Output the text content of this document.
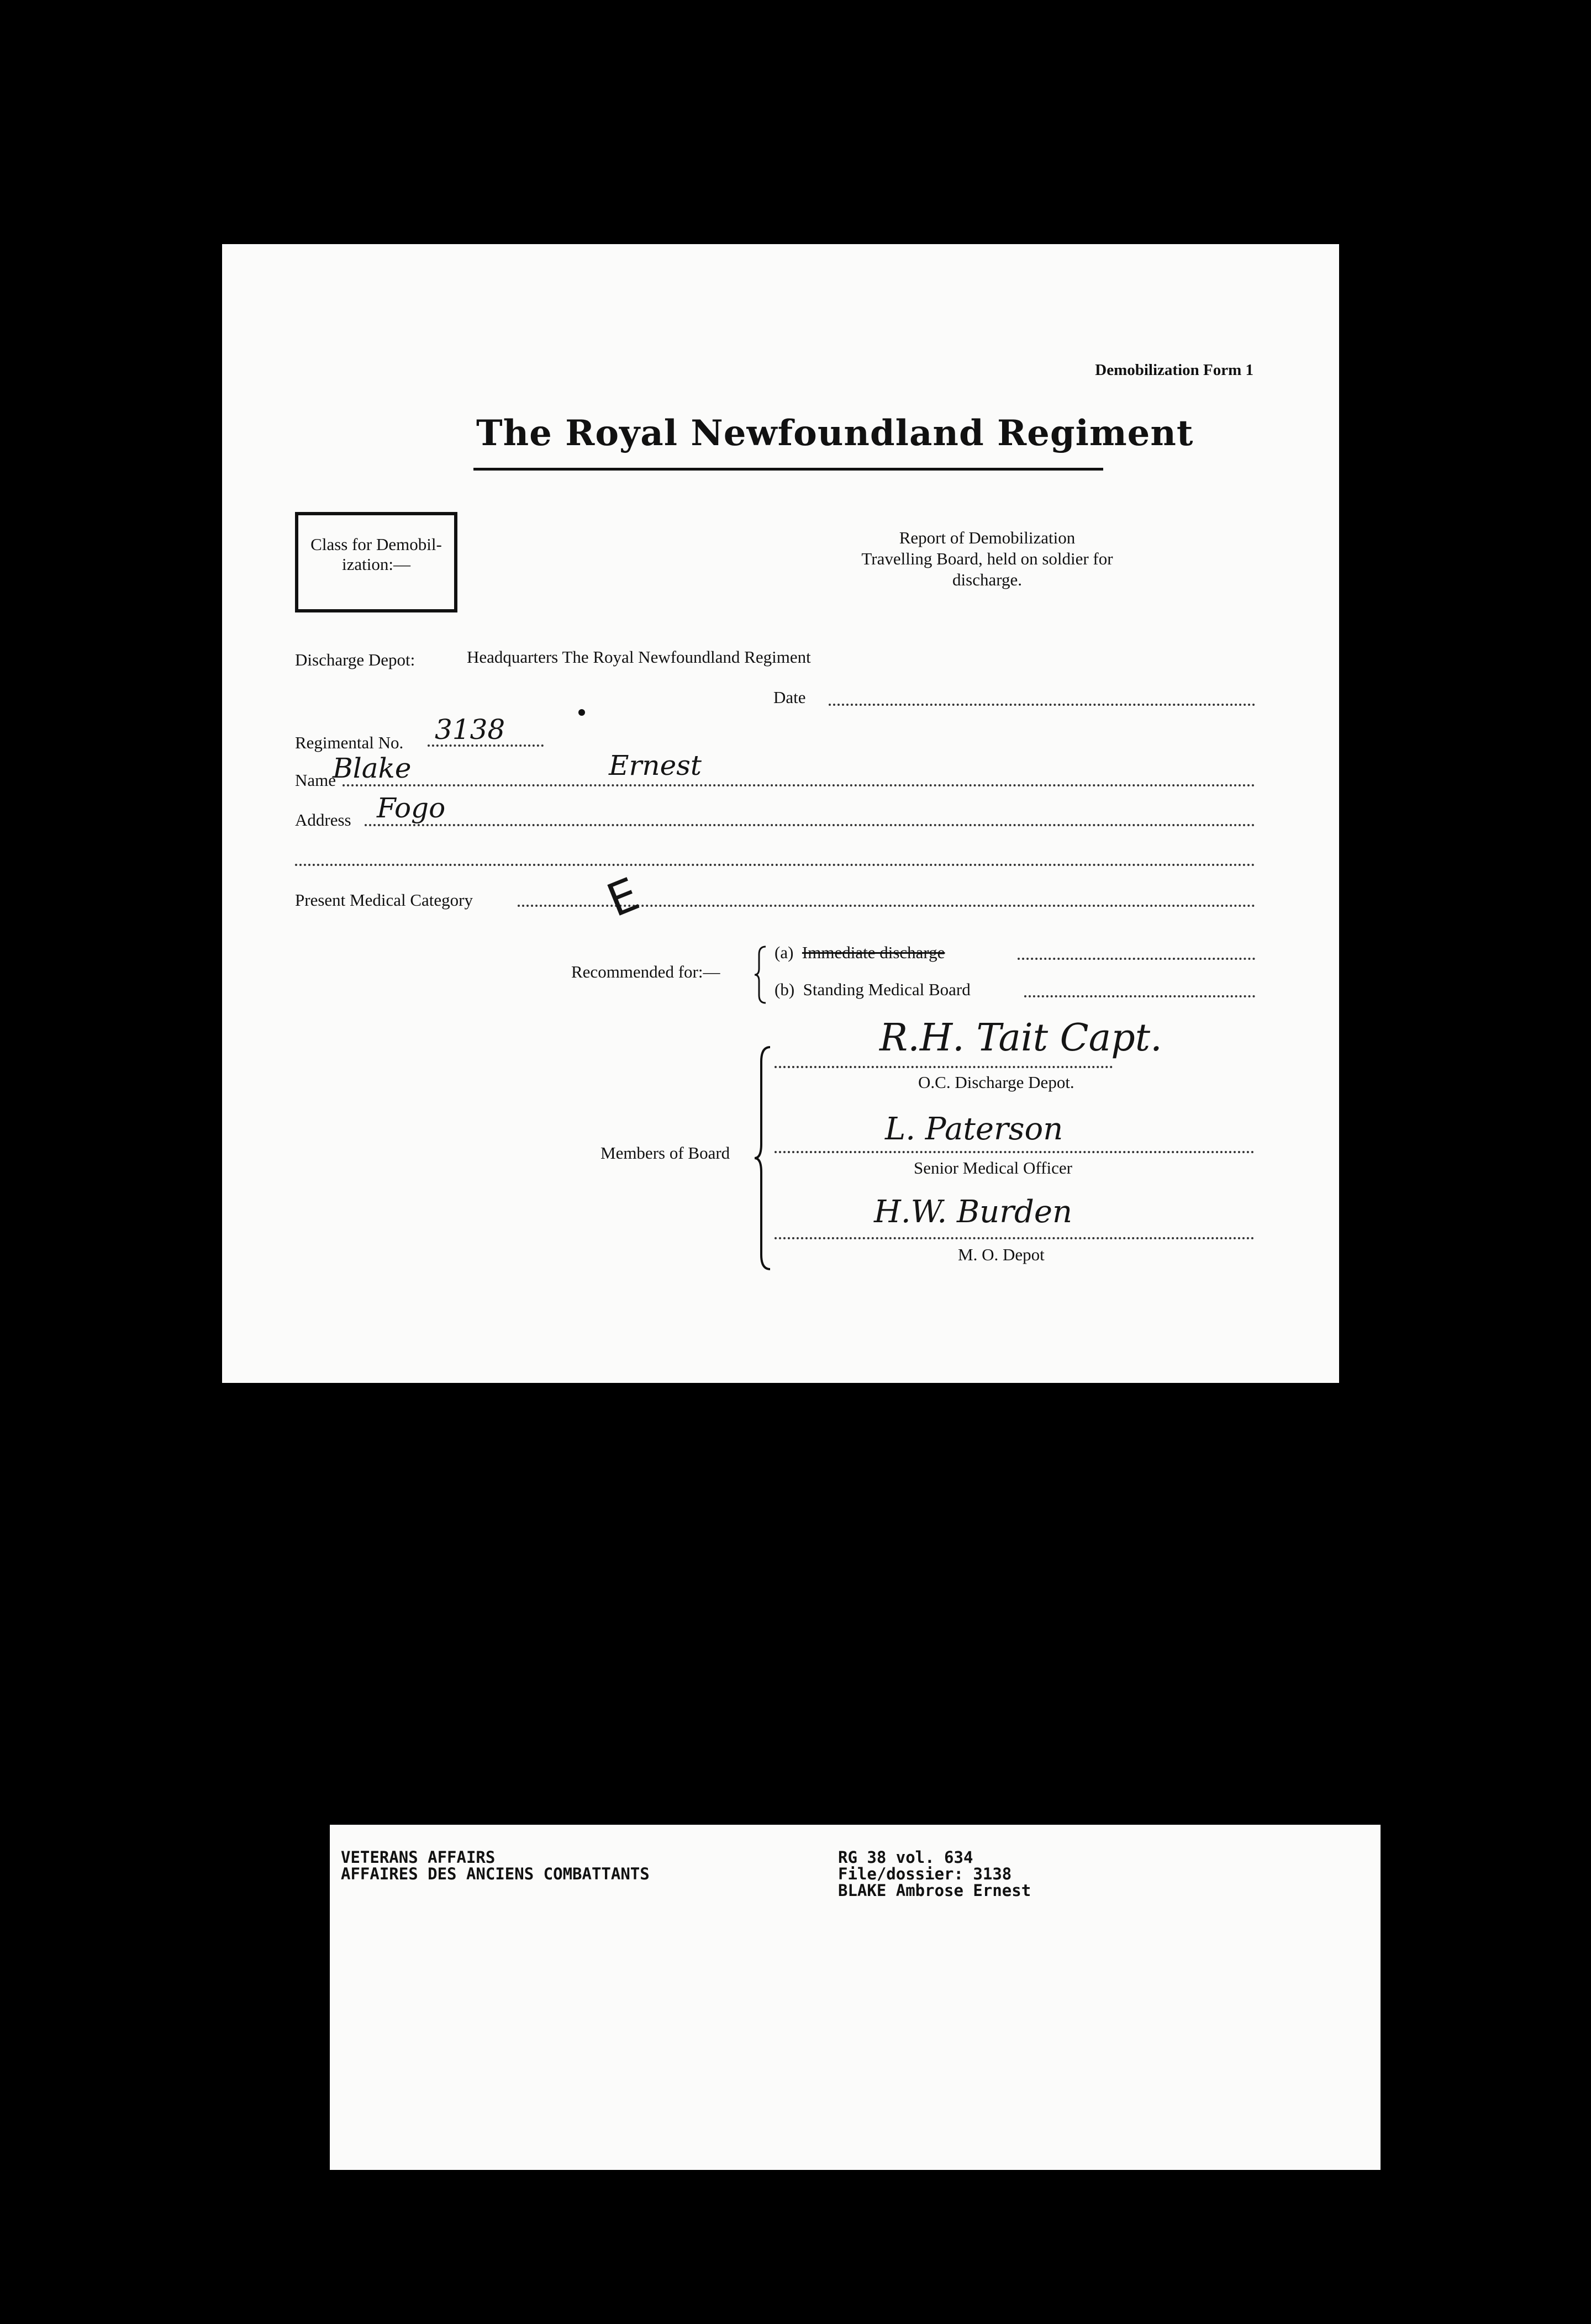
Demobilization Form 1
The Royal Newfoundland Regiment
Class for Demobil-
ization:—
Report of Demobilization
Travelling Board, held on soldier for
discharge.
Discharge Depot:	Headquarters The Royal Newfoundland Regiment
Date
Regimental No. 3138
Name
Blake	Ernest
Address Fogo
Present Medical Category	E
Recommended for:—
(a) Immediate discharge
(b) Standing Medical Board
Members of Board
R.H. Tait Capt.
O.C. Discharge Depot.
L. Paterson
Senior Medical Officer
H.W. Burden
M. O. Depot
VETERANS AFFAIRS
AFFAIRES DES ANCIENS COMBATTANTS
RG 38 vol. 634
File/dossier: 3138
BLAKE Ambrose Ernest
